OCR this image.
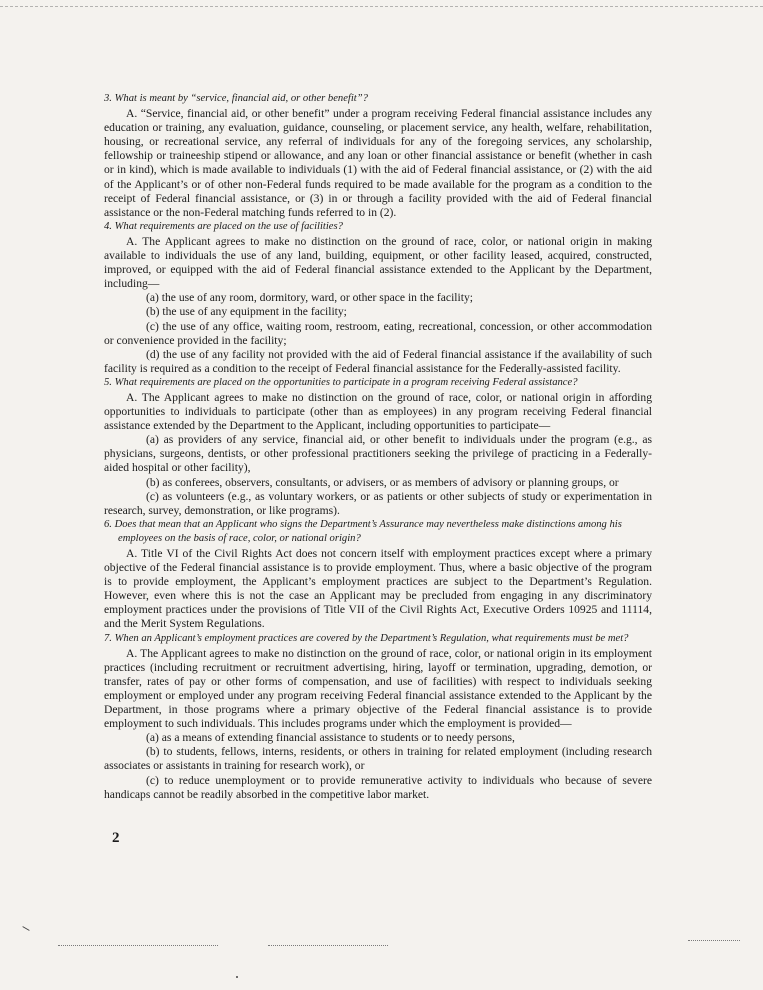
3. What is meant by “service, financial aid, or other benefit”?

A. “Service, financial aid, or other benefit” under a program receiving Federal financial assistance includes any education or training, any evaluation, guidance, counseling, or placement service, any health, welfare, rehabilitation, housing, or recreational service, any referral of individuals for any of the foregoing services, any scholarship, fellowship or traineeship stipend or allowance, and any loan or other financial assistance or benefit (whether in cash or in kind), which is made available to individuals (1) with the aid of Federal financial assistance, or (2) with the aid of the Applicant’s or of other non-Federal funds required to be made available for the program as a condition to the receipt of Federal financial assistance, or (3) in or through a facility provided with the aid of Federal financial assistance or the non-Federal matching funds referred to in (2).

4. What requirements are placed on the use of facilities?

A. The Applicant agrees to make no distinction on the ground of race, color, or national origin in making available to individuals the use of any land, building, equipment, or other facility leased, acquired, constructed, improved, or equipped with the aid of Federal financial assistance extended to the Applicant by the Department, including—

(a) the use of any room, dormitory, ward, or other space in the facility;

(b) the use of any equipment in the facility;

(c) the use of any office, waiting room, restroom, eating, recreational, concession, or other accommodation or convenience provided in the facility;

(d) the use of any facility not provided with the aid of Federal financial assistance if the availability of such facility is required as a condition to the receipt of Federal financial assistance for the Federally-assisted facility.

5. What requirements are placed on the opportunities to participate in a program receiving Federal assistance?

A. The Applicant agrees to make no distinction on the ground of race, color, or national origin in affording opportunities to individuals to participate (other than as employees) in any program receiving Federal financial assistance extended by the Department to the Applicant, including opportunities to participate—

(a) as providers of any service, financial aid, or other benefit to individuals under the program (e.g., as physicians, surgeons, dentists, or other professional practitioners seeking the privilege of practicing in a Federally-aided hospital or other facility),

(b) as conferees, observers, consultants, or advisers, or as members of advisory or planning groups, or

(c) as volunteers (e.g., as voluntary workers, or as patients or other subjects of study or experimentation in research, survey, demonstration, or like programs).

6. Does that mean that an Applicant who signs the Department’s Assurance may nevertheless make distinctions among his employees on the basis of race, color, or national origin?

A. Title VI of the Civil Rights Act does not concern itself with employment practices except where a primary objective of the Federal financial assistance is to provide employment. Thus, where a basic objective of the program is to provide employment, the Applicant’s employment practices are subject to the Department’s Regulation. However, even where this is not the case an Applicant may be precluded from engaging in any discriminatory employment practices under the provisions of Title VII of the Civil Rights Act, Executive Orders 10925 and 11114, and the Merit System Regulations.

7. When an Applicant’s employment practices are covered by the Department’s Regulation, what requirements must be met?

A. The Applicant agrees to make no distinction on the ground of race, color, or national origin in its employment practices (including recruitment or recruitment advertising, hiring, layoff or termination, upgrading, demotion, or transfer, rates of pay or other forms of compensation, and use of facilities) with respect to individuals seeking employment or employed under any program receiving Federal financial assistance extended to the Applicant by the Department, in those programs where a primary objective of the Federal financial assistance is to provide employment to such individuals. This includes programs under which the employment is provided—

(a) as a means of extending financial assistance to students or to needy persons,

(b) to students, fellows, interns, residents, or others in training for related employment (including research associates or assistants in training for research work), or

(c) to reduce unemployment or to provide remunerative activity to individuals who because of severe handicaps cannot be readily absorbed in the competitive labor market.

2
